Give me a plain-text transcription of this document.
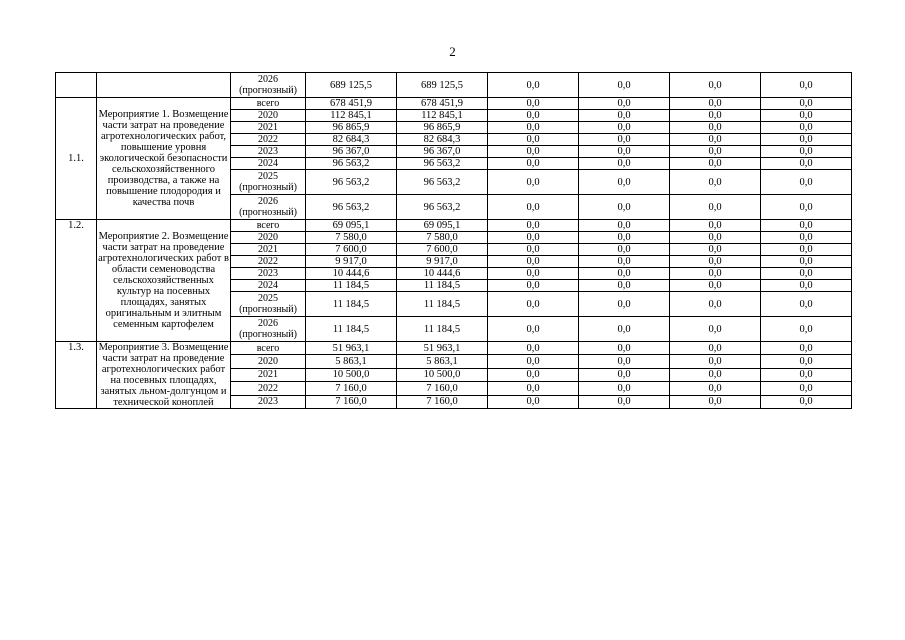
2
		2026 (прогнозный)	689 125,5	689 125,5	0,0	0,0	0,0	0,0
1.1.	Мероприятие 1. Возмещение части затрат на проведение агротехнологических работ, повышение уровня экологической безопасности сельскохозяйственного производства, а также на повышение плодородия и качества почв	всего	678 451,9	678 451,9	0,0	0,0	0,0	0,0
		2020	112 845,1	112 845,1	0,0	0,0	0,0	0,0
		2021	96 865,9	96 865,9	0,0	0,0	0,0	0,0
		2022	82 684,3	82 684,3	0,0	0,0	0,0	0,0
		2023	96 367,0	96 367,0	0,0	0,0	0,0	0,0
		2024	96 563,2	96 563,2	0,0	0,0	0,0	0,0
		2025 (прогнозный)	96 563,2	96 563,2	0,0	0,0	0,0	0,0
		2026 (прогнозный)	96 563,2	96 563,2	0,0	0,0	0,0	0,0
1.2.	Мероприятие 2. Возмещение части затрат на проведение агротехнологических работ в области семеноводства сельскохозяйственных культур на посевных площадях, занятых оригинальным и элитным семенным картофелем	всего	69 095,1	69 095,1	0,0	0,0	0,0	0,0
		2020	7 580,0	7 580,0	0,0	0,0	0,0	0,0
		2021	7 600,0	7 600,0	0,0	0,0	0,0	0,0
		2022	9 917,0	9 917,0	0,0	0,0	0,0	0,0
		2023	10 444,6	10 444,6	0,0	0,0	0,0	0,0
		2024	11 184,5	11 184,5	0,0	0,0	0,0	0,0
		2025 (прогнозный)	11 184,5	11 184,5	0,0	0,0	0,0	0,0
		2026 (прогнозный)	11 184,5	11 184,5	0,0	0,0	0,0	0,0
1.3.	Мероприятие 3. Возмещение части затрат на проведение агротехнологических работ на посевных площадях, занятых льном-долгунцом и технической коноплей	всего	51 963,1	51 963,1	0,0	0,0	0,0	0,0
		2020	5 863,1	5 863,1	0,0	0,0	0,0	0,0
		2021	10 500,0	10 500,0	0,0	0,0	0,0	0,0
		2022	7 160,0	7 160,0	0,0	0,0	0,0	0,0
		2023	7 160,0	7 160,0	0,0	0,0	0,0	0,0
